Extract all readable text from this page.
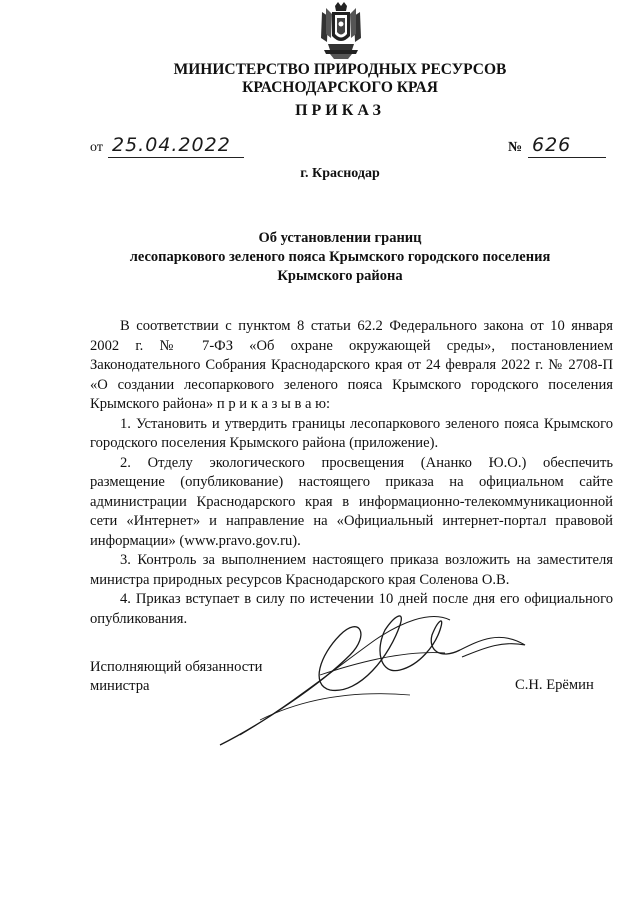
МИНИСТЕРСТВО ПРИРОДНЫХ РЕСУРСОВ
КРАСНОДАРСКОГО КРАЯ
ПРИКАЗ
от 25.04.2022	№ 626
г. Краснодар
Об установлении границ
лесопаркового зеленого пояса Крымского городского поселения
Крымского района

В соответствии с пунктом 8 статьи 62.2 Федерального закона от 10 января 2002 г. № 7-ФЗ «Об охране окружающей среды», постановлением Законодательного Собрания Краснодарского края от 24 февраля 2022 г. № 2708-П «О создании лесопаркового зеленого пояса Крымского городского поселения Крымского района» п р и к а з ы в а ю:

1. Установить и утвердить границы лесопаркового зеленого пояса Крымского городского поселения Крымского района (приложение).

2. Отделу экологического просвещения (Ананко Ю.О.) обеспечить размещение (опубликование) настоящего приказа на официальном сайте администрации Краснодарского края в информационно-телекоммуникационной сети «Интернет» и направление на «Официальный интернет-портал правовой информации» (www.pravo.gov.ru).

3. Контроль за выполнением настоящего приказа возложить на заместителя министра природных ресурсов Краснодарского края Соленова О.В.

4. Приказ вступает в силу по истечении 10 дней после дня его официального опубликования.

Исполняющий обязанности
министра	С.Н. Ерёмин
